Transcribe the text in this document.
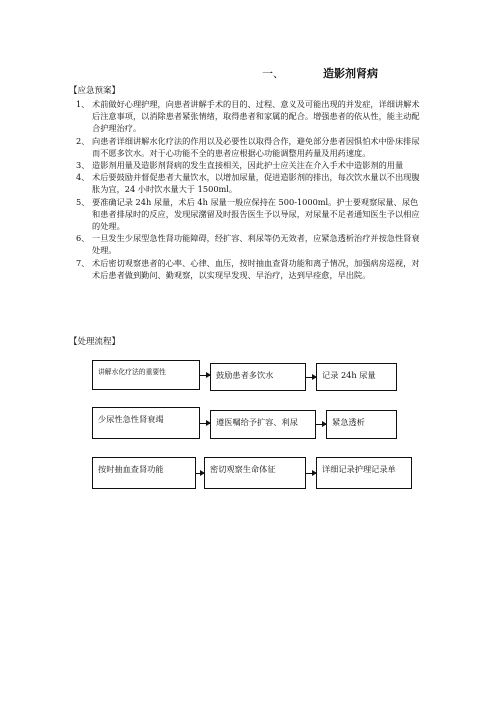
一、	造影剂肾病
【应急预案】
1、 术前做好心理护理，向患者讲解手术的目的、过程、意义及可能出现的并发症，详细讲解术后注意事项，以消除患者紧张情绪，取得患者和家属的配合。增强患者的依从性，能主动配合护理治疗。
2、 向患者详细讲解水化疗法的作用以及必要性以取得合作，避免部分患者因惧怕术中卧床排尿而不愿多饮水。对于心功能不全的患者应根据心功能调整用药量及用药速度。
3、 造影剂用量及造影剂肾病的发生直接相关，因此护士应关注在介入手术中造影剂的用量
4、 术后要鼓励并督促患者大量饮水，以增加尿量，促进造影剂的排出，每次饮水量以不出现腹胀为宜，24 小时饮水量大于 1500ml。
5、 要准确记录 24h 尿量，术后 4h 尿量一般应保持在 500-1000ml。护士要观察尿量、尿色和患者排尿时的反应，发现尿潴留及时报告医生予以导尿，对尿量不足者通知医生予以相应的处理。
6、 一旦发生少尿型急性肾功能障碍，经扩容、利尿等仍无效者，应紧急透析治疗并按急性肾衰处理。
7、 术后密切观察患者的心率、心律、血压，按时抽血查肾功能和离子情况，加强病房巡视，对术后患者做到勤问、勤观察，以实现早发现、早治疗，达到早痊愈，早出院。
【处理流程】
讲解水化疗法的重要性	鼓励患者多饮水	记录 24h 尿量
少尿性急性肾衰竭	遵医嘱给予扩容、利尿	紧急透析
按时抽血查肾功能	密切观察生命体征	详细记录护理记录单
